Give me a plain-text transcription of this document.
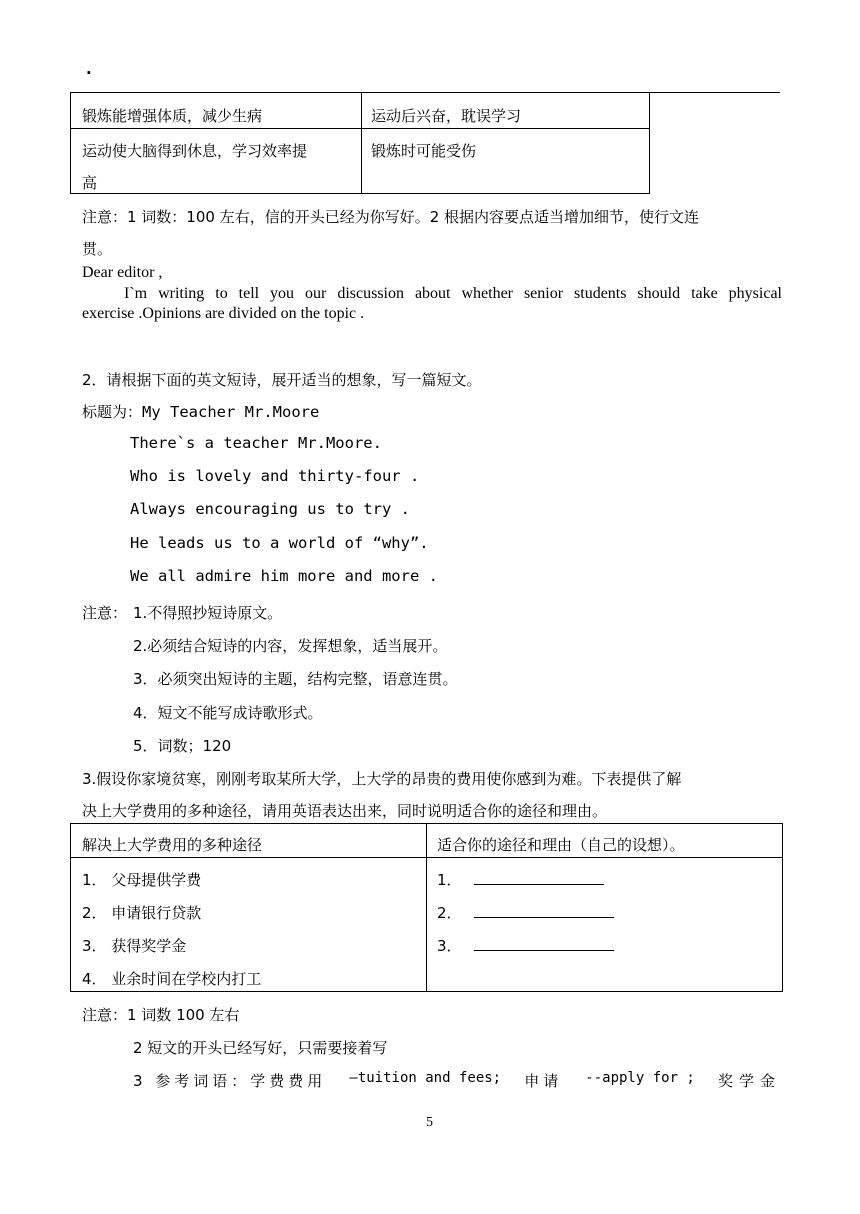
·
锻炼能增强体质，减少生病	运动后兴奋，耽误学习
运动使大脑得到休息，学习效率提
高
锻炼时可能受伤
注意：1 词数：100 左右，信的开头已经为你写好。2 根据内容要点适当增加细节，使行文连
贯。
Dear editor ,
I`m writing to tell you our discussion about whether senior students should take physical
exercise .Opinions are divided on the topic .
2．请根据下面的英文短诗，展开适当的想象，写一篇短文。
标题为：My Teacher Mr.Moore
There`s a teacher Mr.Moore.
Who is lovely and thirty-four .
Always encouraging us to try .
He leads us to a world of “why”.
We all admire him more and more .
注意： 1.不得照抄短诗原文。
2.必须结合短诗的内容，发挥想象，适当展开。
3．必须突出短诗的主题，结构完整，语意连贯。
4．短文不能写成诗歌形式。
5．词数；120
3.假设你家境贫寒，刚刚考取某所大学，上大学的昂贵的费用使你感到为难。下表提供了解
决上大学费用的多种途径，请用英语表达出来，同时说明适合你的途径和理由。
解决上大学费用的多种途径	适合你的途径和理由（自己的设想）。
1． 父母提供学费
2． 申请银行贷款
3． 获得奖学金
4． 业余时间在学校内打工
1．
2．
3．
注意：1 词数 100 左右
2 短文的开头已经写好，只需要接着写
3 参考词语：学费费用 —tuition and fees; 申请 --apply for ; 奖学金
5
